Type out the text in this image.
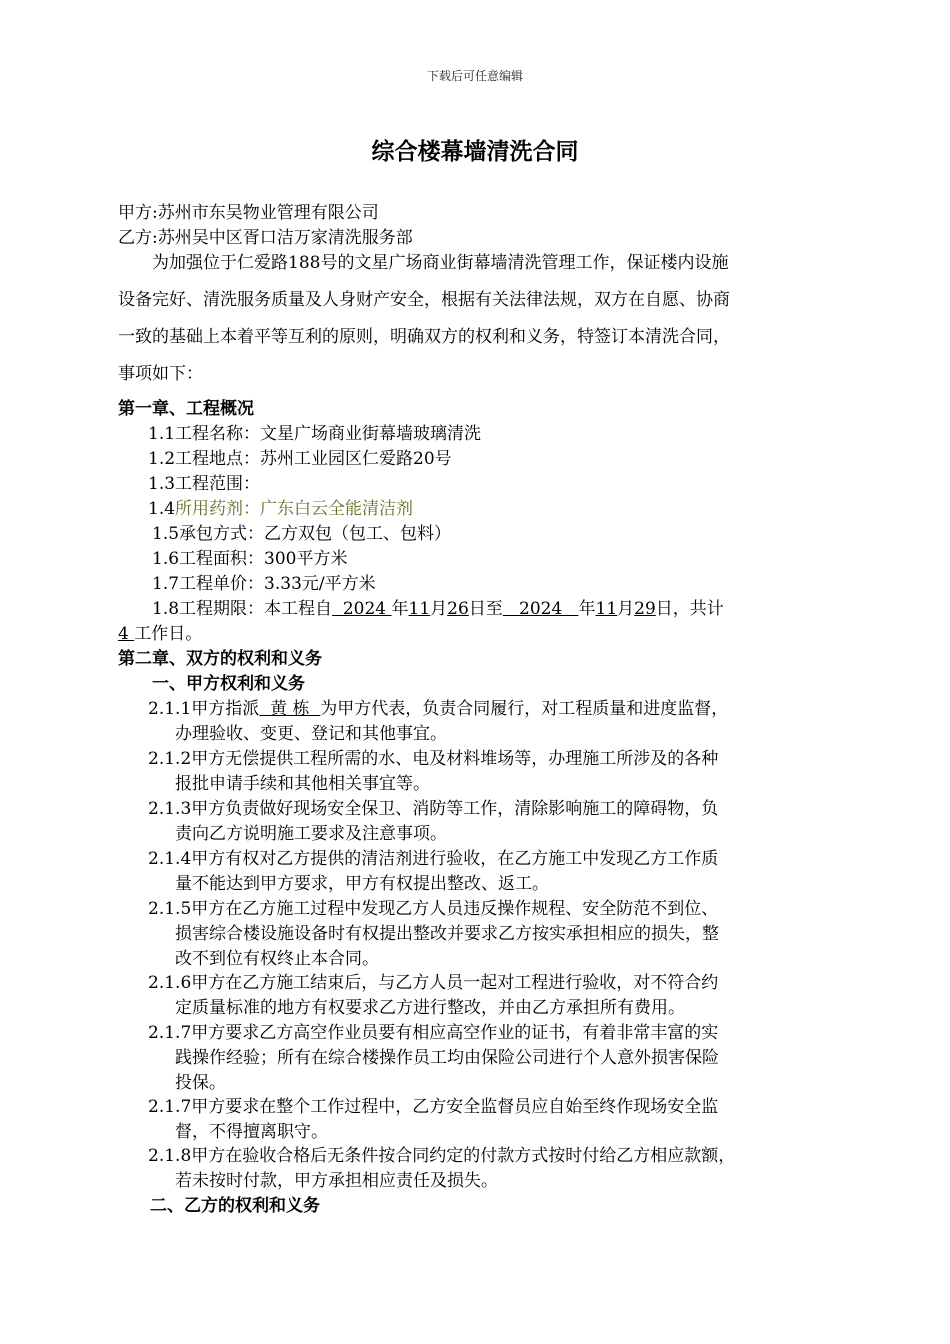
下载后可任意编辑
综合楼幕墙清洗合同
甲方:苏州市东吴物业管理有限公司
乙方:苏州吴中区胥口洁万家清洗服务部
为加强位于仁爱路188号的文星广场商业街幕墙清洗管理工作，保证楼内设施
设备完好、清洗服务质量及人身财产安全，根据有关法律法规，双方在自愿、协商
一致的基础上本着平等互利的原则，明确双方的权利和义务，特签订本清洗合同，
事项如下：
第一章、工程概况
1.1工程名称：文星广场商业街幕墙玻璃清洗
1.2工程地点：苏州工业园区仁爱路20号
1.3工程范围：
1.4所用药剂：广东白云全能清洁剂
1.5承包方式：乙方双包（包工、包料）
1.6工程面积：300平方米
1.7工程单价：3.33元/平方米
1.8工程期限：本工程自  2024 年11月26日至   2024   年11月29日，共计
4 工作日。
第二章、双方的权利和义务
一、甲方权利和义务
2.1.1甲方指派  黄 栋  为甲方代表，负责合同履行，对工程质量和进度监督，
办理验收、变更、登记和其他事宜。
2.1.2甲方无偿提供工程所需的水、电及材料堆场等，办理施工所涉及的各种
报批申请手续和其他相关事宜等。
2.1.3甲方负责做好现场安全保卫、消防等工作，清除影响施工的障碍物，负
责向乙方说明施工要求及注意事项。
2.1.4甲方有权对乙方提供的清洁剂进行验收，在乙方施工中发现乙方工作质
量不能达到甲方要求，甲方有权提出整改、返工。
2.1.5甲方在乙方施工过程中发现乙方人员违反操作规程、安全防范不到位、
损害综合楼设施设备时有权提出整改并要求乙方按实承担相应的损失，整
改不到位有权终止本合同。
2.1.6甲方在乙方施工结束后，与乙方人员一起对工程进行验收，对不符合约
定质量标准的地方有权要求乙方进行整改，并由乙方承担所有费用。
2.1.7甲方要求乙方高空作业员要有相应高空作业的证书，有着非常丰富的实
践操作经验；所有在综合楼操作员工均由保险公司进行个人意外损害保险
投保。
2.1.7甲方要求在整个工作过程中，乙方安全监督员应自始至终作现场安全监
督，不得擅离职守。
2.1.8甲方在验收合格后无条件按合同约定的付款方式按时付给乙方相应款额，
若未按时付款，甲方承担相应责任及损失。
二、乙方的权利和义务
